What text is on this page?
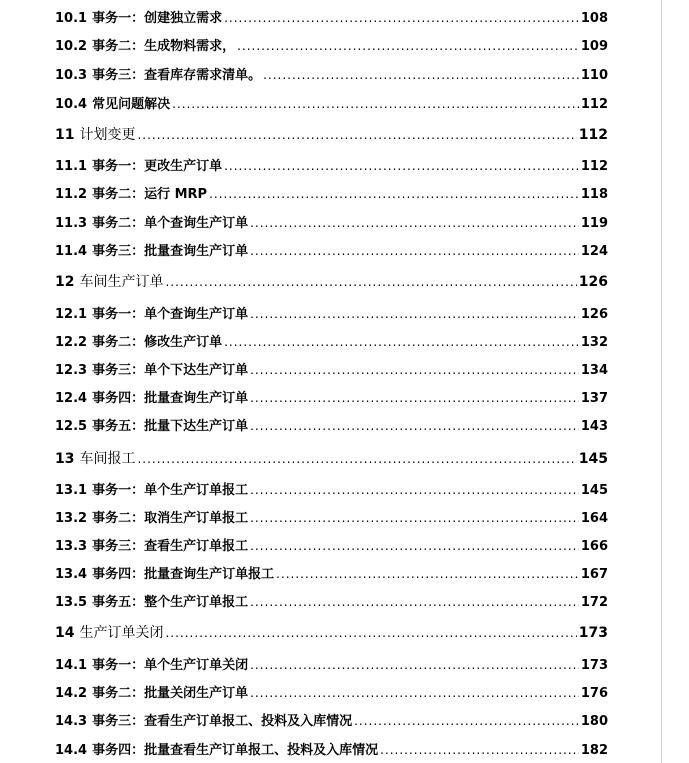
10.1 事务一：创建独立需求 .....	108
10.2 事务二：生成物料需求， .....	109
10.3 事务三：查看库存需求清单。 .....	110
10.4 常见问题解决 .....	112
11 计划变更 .....	112
11.1 事务一：更改生产订单 .....	112
11.2 事务二：运行 MRP .....	118
11.3 事务二：单个查询生产订单 .....	119
11.4 事务三：批量查询生产订单 .....	124
12 车间生产订单 .....	126
12.1 事务一：单个查询生产订单 .....	126
12.2 事务二：修改生产订单 .....	132
12.3 事务三：单个下达生产订单 .....	134
12.4 事务四：批量查询生产订单 .....	137
12.5 事务五：批量下达生产订单 .....	143
13 车间报工 .....	145
13.1 事务一：单个生产订单报工 .....	145
13.2 事务二：取消生产订单报工 .....	164
13.3 事务三：查看生产订单报工 .....	166
13.4 事务四：批量查询生产订单报工 .....	167
13.5 事务五：整个生产订单报工 .....	172
14 生产订单关闭 .....	173
14.1 事务一：单个生产订单关闭 .....	173
14.2 事务二：批量关闭生产订单 .....	176
14.3 事务三：查看生产订单报工、投料及入库情况 .....	180
14.4 事务四：批量查看生产订单报工、投料及入库情况 .....	182
